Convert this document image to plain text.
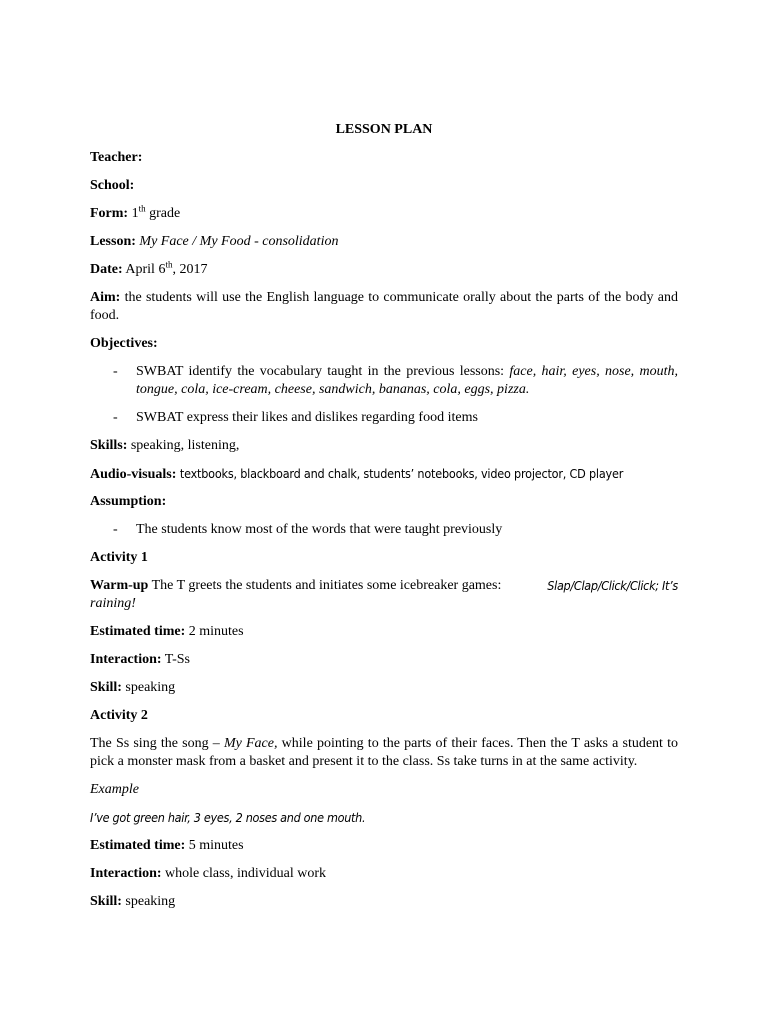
LESSON PLAN
Teacher:
School:
Form: 1th grade
Lesson: My Face / My Food - consolidation
Date: April 6th, 2017
Aim: the students will use the English language to communicate orally about the parts of the body and food.
Objectives:
- SWBAT identify the vocabulary taught in the previous lessons: face, hair, eyes, nose, mouth, tongue, cola, ice-cream, cheese, sandwich, bananas, cola, eggs, pizza.
- SWBAT express their likes and dislikes regarding food items
Skills: speaking, listening,
Audio-visuals: textbooks, blackboard and chalk, students’ notebooks, video projector, CD player
Assumption:
- The students know most of the words that were taught previously
Activity 1
Warm-up The T greets the students and initiates some icebreaker games:	Slap/Clap/Click/Click; It’s
raining!
Estimated time: 2 minutes
Interaction: T-Ss
Skill: speaking
Activity 2
The Ss sing the song – My Face, while pointing to the parts of their faces. Then the T asks a student to pick a monster mask from a basket and present it to the class. Ss take turns in at the same activity.
Example
I’ve got green hair, 3 eyes, 2 noses and one mouth.
Estimated time: 5 minutes
Interaction: whole class, individual work
Skill: speaking
